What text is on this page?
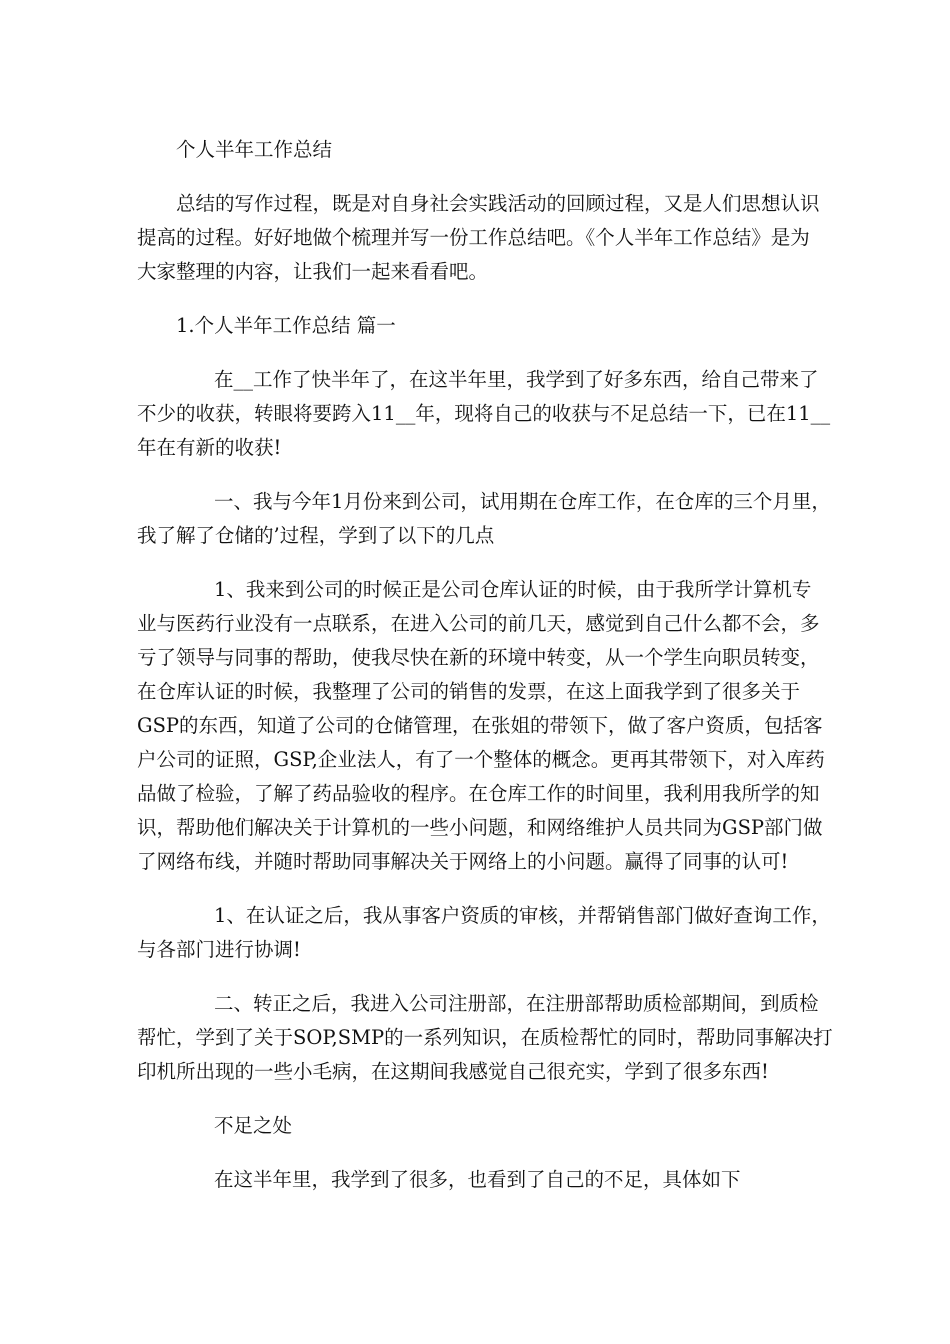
个人半年工作总结
总结的写作过程，既是对自身社会实践活动的回顾过程，又是人们思想认识
提高的过程。好好地做个梳理并写一份工作总结吧。《个人半年工作总结》是为
大家整理的内容，让我们一起来看看吧。
1.个人半年工作总结 篇一
在__工作了快半年了，在这半年里，我学到了好多东西，给自己带来了
不少的收获，转眼将要跨入11__年，现将自己的收获与不足总结一下，已在11__
年在有新的收获!
一、我与今年1月份来到公司，试用期在仓库工作，在仓库的三个月里，
我了解了仓储的’过程，学到了以下的几点
1、我来到公司的时候正是公司仓库认证的时候，由于我所学计算机专
业与医药行业没有一点联系，在进入公司的前几天，感觉到自己什么都不会，多
亏了领导与同事的帮助，使我尽快在新的环境中转变，从一个学生向职员转变，
在仓库认证的时候，我整理了公司的销售的发票，在这上面我学到了很多关于
GSP的东西，知道了公司的仓储管理，在张姐的带领下，做了客户资质，包括客
户公司的证照，GSP,企业法人，有了一个整体的概念。更再其带领下，对入库药
品做了检验，了解了药品验收的程序。在仓库工作的时间里，我利用我所学的知
识，帮助他们解决关于计算机的一些小问题，和网络维护人员共同为GSP部门做
了网络布线，并随时帮助同事解决关于网络上的小问题。赢得了同事的认可!
1、在认证之后，我从事客户资质的审核，并帮销售部门做好查询工作，
与各部门进行协调!
二、转正之后，我进入公司注册部，在注册部帮助质检部期间，到质检
帮忙，学到了关于SOP,SMP的一系列知识，在质检帮忙的同时，帮助同事解决打
印机所出现的一些小毛病，在这期间我感觉自己很充实，学到了很多东西!
不足之处
在这半年里，我学到了很多，也看到了自己的不足，具体如下
